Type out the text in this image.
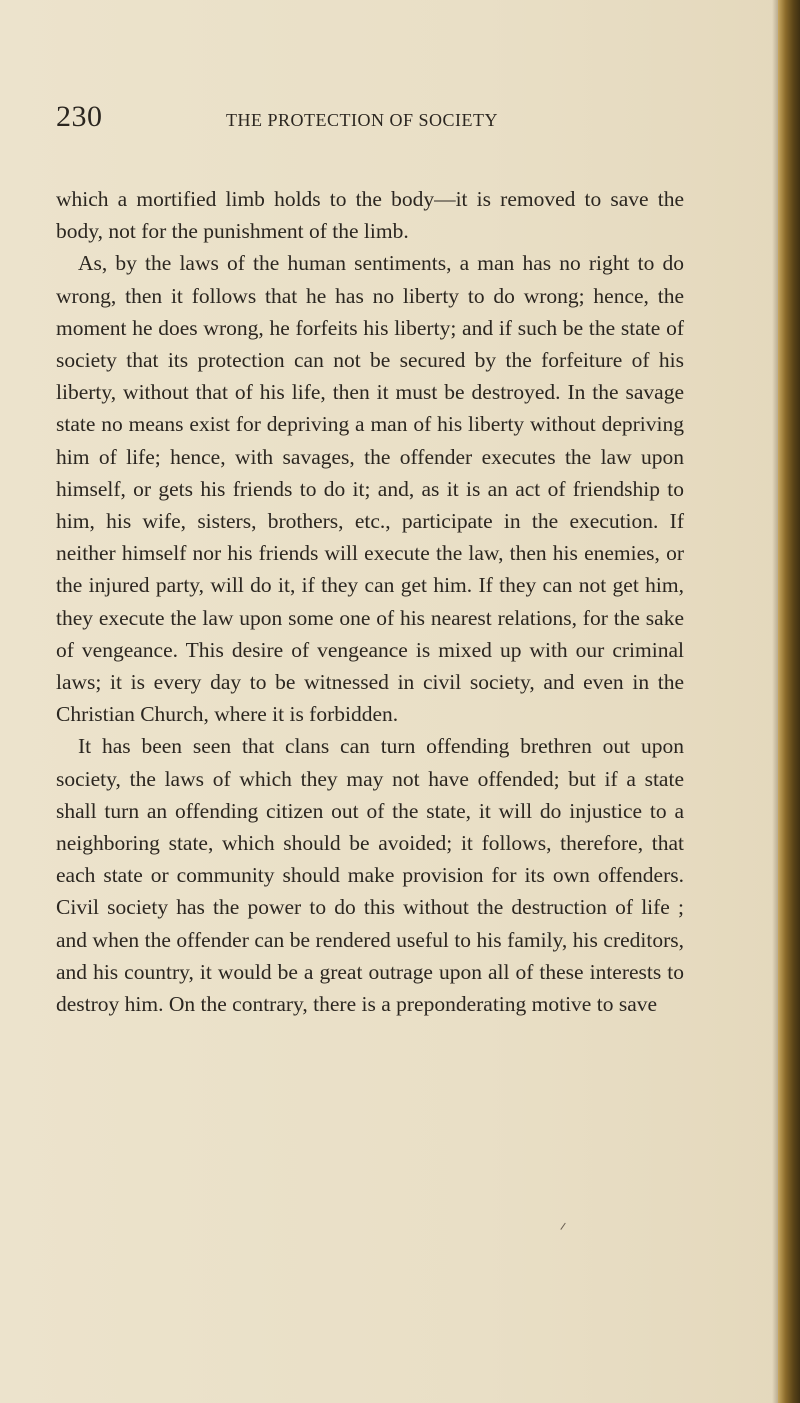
230	THE PROTECTION OF SOCIETY

which a mortified limb holds to the body—it is removed to save the body, not for the punishment of the limb.

As, by the laws of the human sentiments, a man has no right to do wrong, then it follows that he has no liberty to do wrong; hence, the moment he does wrong, he forfeits his liberty; and if such be the state of society that its protection can not be secured by the forfeiture of his liberty, without that of his life, then it must be destroyed. In the savage state no means exist for depriving a man of his liberty without depriving him of life; hence, with savages, the offender executes the law upon himself, or gets his friends to do it; and, as it is an act of friendship to him, his wife, sisters, brothers, etc., participate in the execution. If neither himself nor his friends will execute the law, then his enemies, or the injured party, will do it, if they can get him. If they can not get him, they execute the law upon some one of his nearest relations, for the sake of vengeance. This desire of vengeance is mixed up with our criminal laws; it is every day to be witnessed in civil society, and even in the Christian Church, where it is forbidden.

It has been seen that clans can turn offending brethren out upon society, the laws of which they may not have offended; but if a state shall turn an offending citizen out of the state, it will do injustice to a neighboring state, which should be avoided; it follows, therefore, that each state or community should make provision for its own offenders. Civil society has the power to do this without the destruction of life ; and when the offender can be rendered useful to his family, his creditors, and his country, it would be a great outrage upon all of these interests to destroy him. On the contrary, there is a preponderating motive to save
